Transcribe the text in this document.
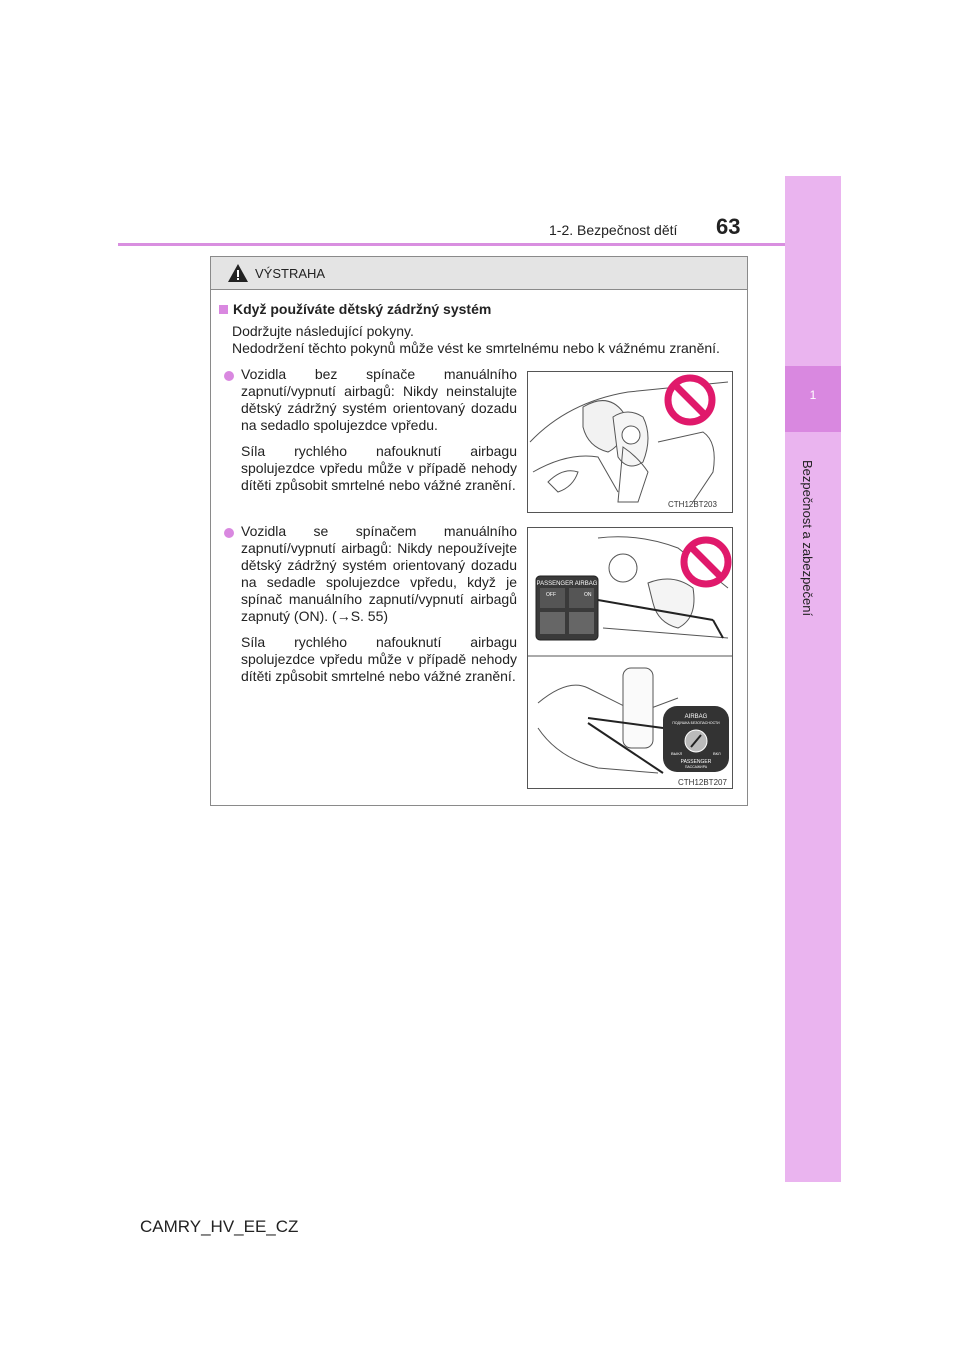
1
Bezpečnost a zabezpečení
1-2. Bezpečnost dětí 63
VÝSTRAHA
Když používáte dětský zádržný systém
Dodržujte následující pokyny.
Nedodržení těchto pokynů může vést ke smrtelnému nebo k vážnému zranění.
Vozidla bez spínače manuálního zapnutí/vypnutí airbagů: Nikdy neinstalujte dětský zádržný systém orientovaný dozadu na sedadlo spolujezdce vpředu.
Síla rychlého nafouknutí airbagu spolujezdce vpředu může v případě nehody dítěti způsobit smrtelné nebo vážné zranění.
CTH12BT203
Vozidla se spínačem manuálního zapnutí/vypnutí airbagů: Nikdy nepoužívejte dětský zádržný systém orientovaný dozadu na sedadle spolujezdce vpředu, když je spínač manuálního zapnutí/vypnutí airbagů zapnutý (ON). (→S. 55)
Síla rychlého nafouknutí airbagu spolujezdce vpředu může v případě nehody dítěti způsobit smrtelné nebo vážné zranění.
PASSENGER AIRBAG
OFF	ON
AIRBAG
ПОДУШКА БЕЗОПАСНОСТИ
ВЫКЛ	ВКЛ
PASSENGER
ПАССАЖИРА
CTH12BT207
CAMRY_HV_EE_CZ
